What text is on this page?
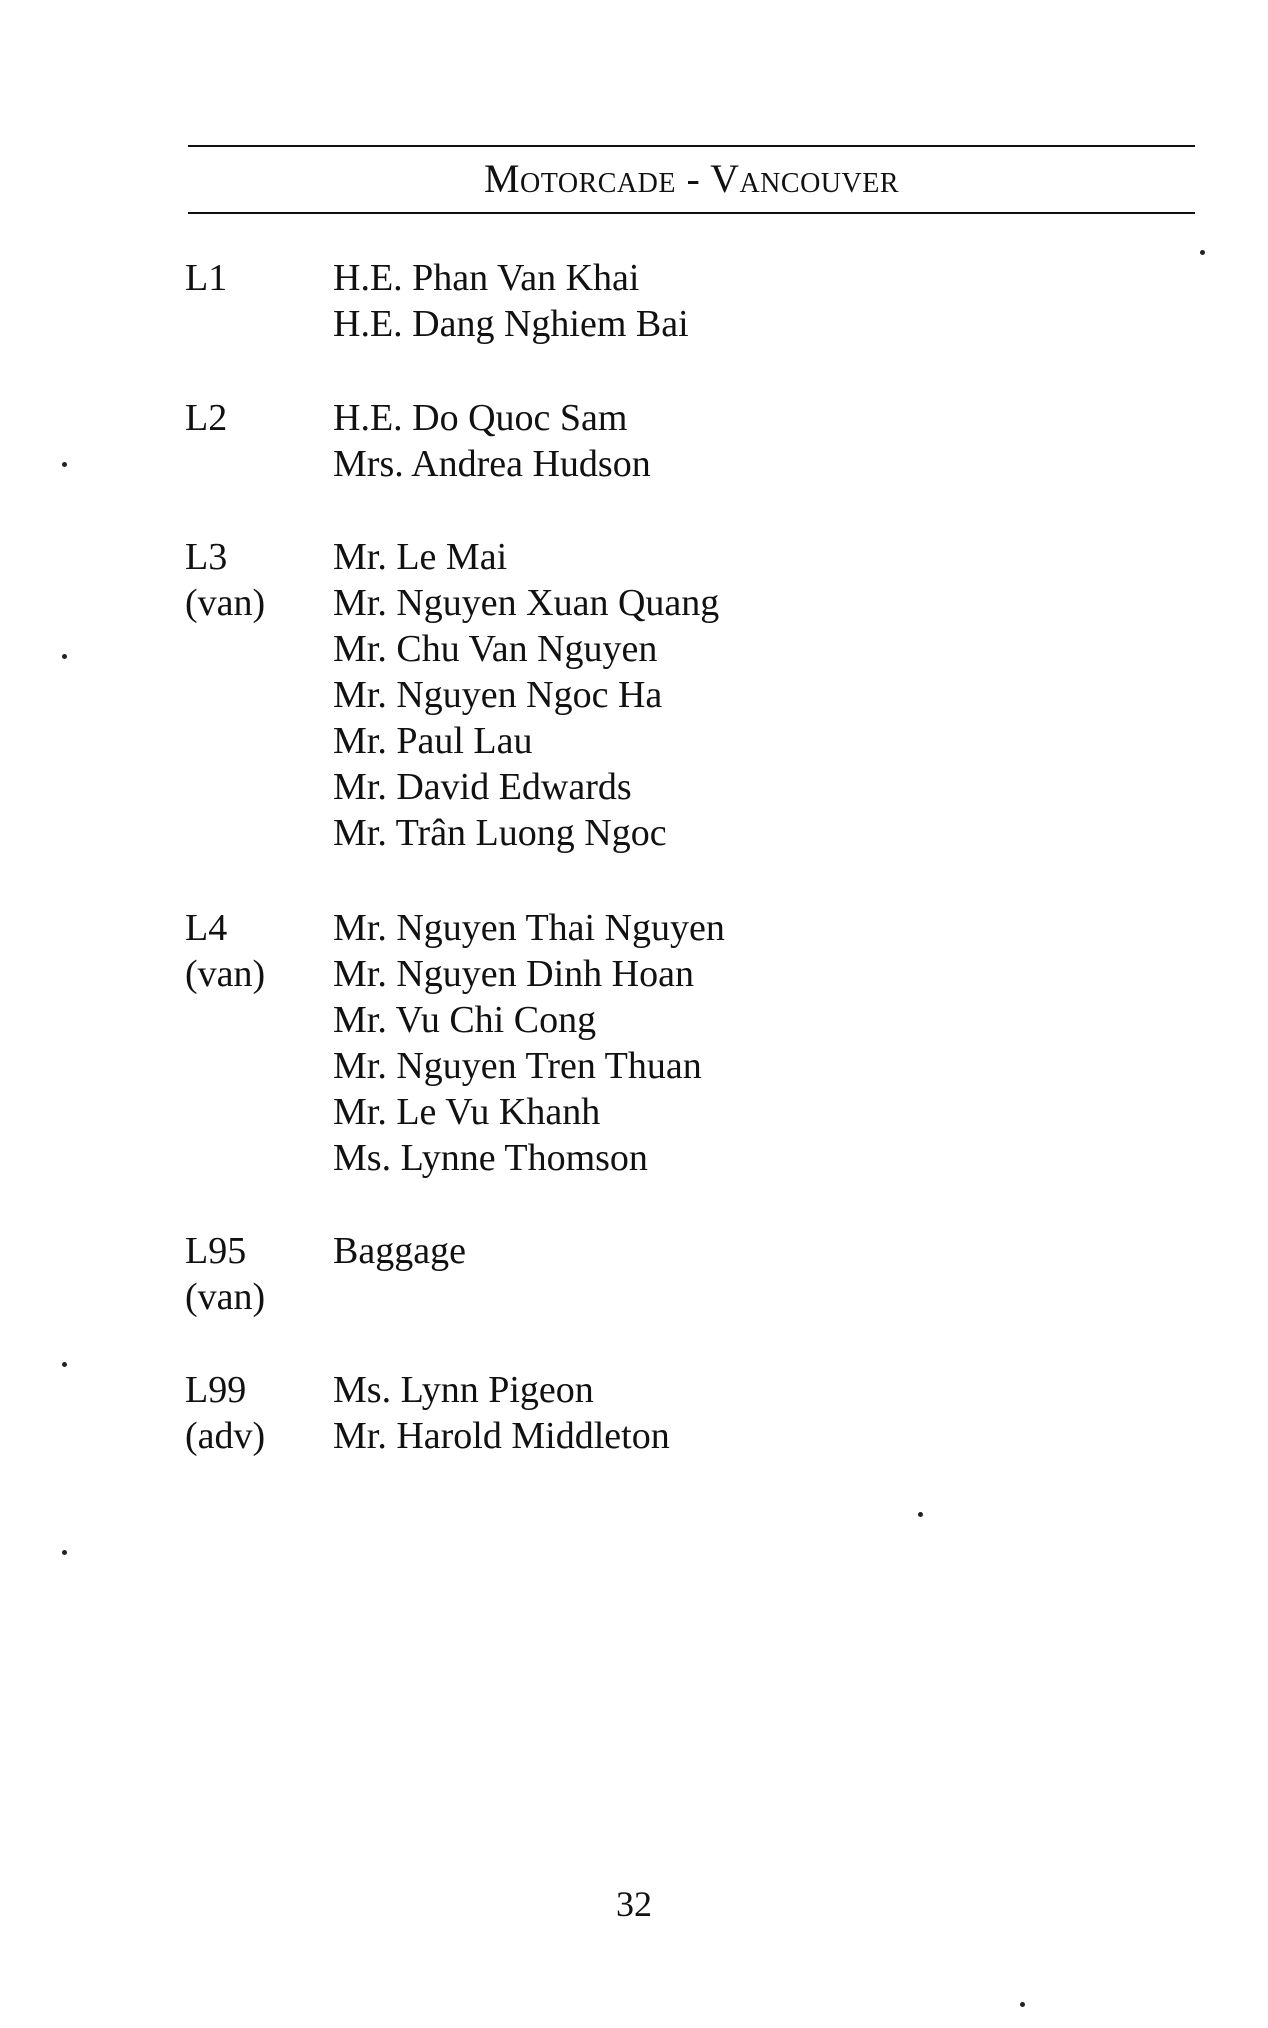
Motorcade - Vancouver
L1	H.E. Phan Van Khai
H.E. Dang Nghiem Bai
L2	H.E. Do Quoc Sam
Mrs. Andrea Hudson
L3
(van)
Mr. Le Mai
Mr. Nguyen Xuan Quang
Mr. Chu Van Nguyen
Mr. Nguyen Ngoc Ha
Mr. Paul Lau
Mr. David Edwards
Mr. Trân Luong Ngoc
L4
(van)
Mr. Nguyen Thai Nguyen
Mr. Nguyen Dinh Hoan
Mr. Vu Chi Cong
Mr. Nguyen Tren Thuan
Mr. Le Vu Khanh
Ms. Lynne Thomson
L95
(van)
Baggage
L99
(adv)
Ms. Lynn Pigeon
Mr. Harold Middleton
32
